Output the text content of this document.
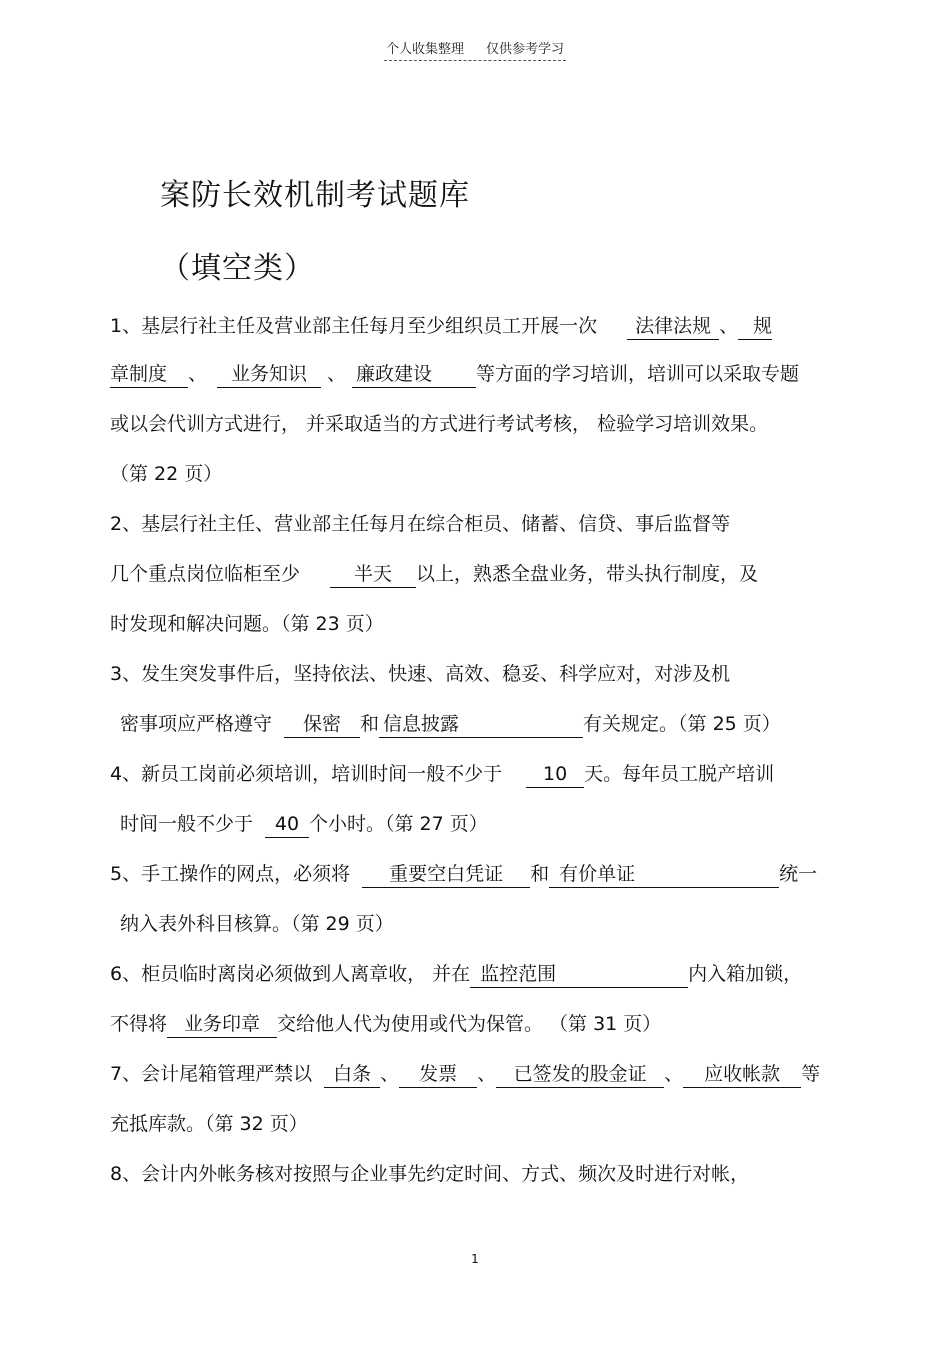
个人收集整理 仅供参考学习
案防长效机制考试题库
（填空类）
1、基层行社主任及营业部主任每月至少组织员工开展一次 法律法规 、 规
章制度 、 业务知识 、 廉政建设 等方面的学习培训，培训可以采取专题
或以会代训方式进行， 并采取适当的方式进行考试考核， 检验学习培训效果。
（第 22 页）
2、基层行社主任、营业部主任每月在综合柜员、储蓄、信贷、事后监督等
几个重点岗位临柜至少	半天 以上，熟悉全盘业务，带头执行制度，及
时发现和解决问题。（第 23 页）
3、发生突发事件后，坚持依法、快速、高效、稳妥、科学应对，对涉及机
密事项应严格遵守 保密 和 信息披露	有关规定。（第 25 页）
4、新员工岗前必须培训，培训时间一般不少于 10 天。每年员工脱产培训
时间一般不少于 40 个小时。（第 27 页）
5、手工操作的网点，必须将 重要空白凭证 和 有价单证	统一
纳入表外科目核算。（第 29 页）
6、柜员临时离岗必须做到人离章收， 并在 监控范围	内入箱加锁，
不得将 业务印章 交给他人代为使用或代为保管。 （第 31 页）
7、会计尾箱管理严禁以 白条 、 发票 、 已签发的股金证 、 应收帐款 等
充抵库款。（第 32 页）
8、会计内外帐务核对按照与企业事先约定时间、方式、频次及时进行对帐，
1
